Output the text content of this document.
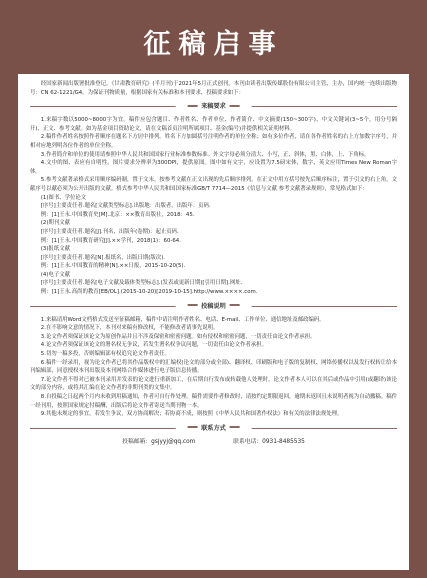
征稿启事

经国家新闻出版署批准登记，《甘肃教育研究》(半月刊)于2021年5月正式创刊。本刊由读者出版传媒股份有限公司主管、主办，国内统一连续出版物号：CN 62-1221/G4。为保证刊物质量，根据国家有关标准和本刊要求，投稿要求如下：

来稿要求

1.来稿字数以5000~8000字为宜。稿件应包含题目、作者姓名、作者单位、作者简介、中文摘要(150~300字)、中文关键词(3~5个，用分号隔开)、正文、参考文献。如为基金项目资助论文，请在文稿首页注明所属项目、基金(编号)并提供相关证明材料。

2.稿件作者姓名按照作者顺序在题名下方居中排列。姓名下方加圆括号注明作者的单位全称；如有多位作者，请在各作者姓名的右上方加数字序号，并相对应地列明各位作者的单位全称。

3.作者简介和单位的使用请参照中华人民共和国国家行业标准参数标准。外文字母必须分清大、小写，正、斜体，黑、白体，上、下角标。

4.文中的图、表应有自明性。图片要求分辨率为300DPI，提供原图。图中如有文字，应设置为7.5磅宋体，数字、英文应用Times New Roman字体。

5.参考文献著录格式采用顺序编码制，置于文末。按参考文献在正文出现的先后顺序排列。在正文中用方括号按先后顺序标注，置于引文的右上角。文献序号以献必须为公开出版的文献。格式参考中华人民共和国国家标准GB/T 7714—2015《信息与文献 参考文献著录规则》，常见格式如下：

(1)图书、学位论文

[序号]主要责任者.题名[文献类型标志].出版地：出版者，出版年：页码.

例：[1]王永.中国教育史[M].北京：××教育出版社，2018：45.

(2)期刊文献

[序号]主要责任者.题名[J].刊名，出版年(卷期)：起止页码.

例：[1]王永.中国教育研究[J].××学刊，2018(1)：60-64.

(3)报纸文献

[序号]主要责任者.题名[N].报纸名，出版日期(版次).

例：[1]王永.中国教育的精神[N].××日报，2015-10-20(5).

(4)电子文献

[序号]主要责任者.题名[电子文献及载体类型标志].(发表或更新日期)[引用日期].网址.

例：[1]王永.高尚的教育[EB/OL].(2015-10-20)[2019-10-15].http://www.××××.com.

投稿说明

1.来稿请用Word文档格式发送至征稿邮箱，稿件中请注明作者姓名、电话、E-mail、工作单位、通信地址及邮政编码。

2.在不影响文意的情况下，本刊对来稿有修改权，不能修改者请事先说明。

3.论文作者须保证该论文为原创作品并且不涉及保密和密密问题。如有侵权和密密问题，一切责任由论文作者承担。

4.论文作者须保证该论文的署名权无争议，若发生署名权争议问题，一切责任由论文作者承担。

5.切勿一稿多投，否则编辑部有权追究论文作者责任。

6.稿件一经录用，视为论文作者已将其作品版权中的汇编权(论文的部分或全部)、翻译权、印刷版和电子版的复制权、网络传播权以及发行权转让给本刊编辑部，同意授权本刊出版及本刊网络合作媒体进行电子版信息传播。

7.论文作者不得对已被本刊录用并发表的论文进行重新加工，在后期自行发布或转载他人处理时，论文作者本人可以在其后或作品中引用(或翻译)该论文的部分内容，或将其汇编在论文作者的非期刊类的文集中。

8.自投稿之日起两个月内未收到用稿通知，作者可自行作处理。稿件需要作者修改时，请按约定期限返回，逾期未返回且未说明者视为自动撤稿。稿件一经刊用，按照国家规定付稿酬，出版后将论文作者寄送当期刊物一本。

9.其他未规定的事宜，若发生争议，双方协商解决；若协商不成，则按照《中华人民共和国著作权法》和有关的法律法规处理。

联系方式
投稿邮箱：gsjyyj@qq.com	联系电话：0931-8485535
